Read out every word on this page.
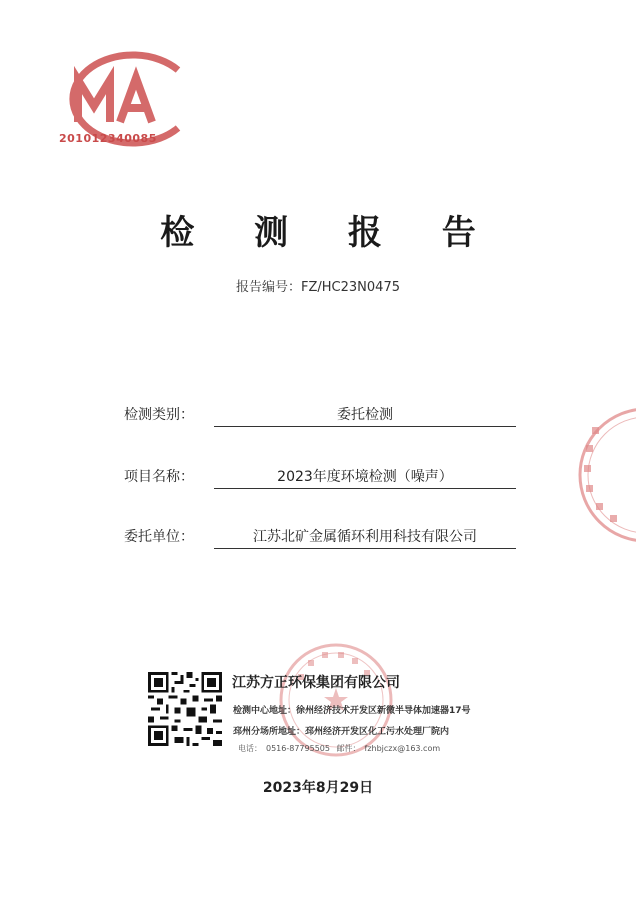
201012340085
检 测 报 告
报告编号：FZ/HC23N0475
检测类别：	委托检测
项目名称：	2023年度环境检测（噪声）
委托单位：	江苏北矿金属循环利用科技有限公司
江苏方正环保集团有限公司
检测中心地址：徐州经济技术开发区新微半导体加速器17号
邳州分场所地址：邳州经济开发区化工污水处理厂院内
电话： 0516-87795505 邮件： fzhbjczx@163.com
2023年8月29日
